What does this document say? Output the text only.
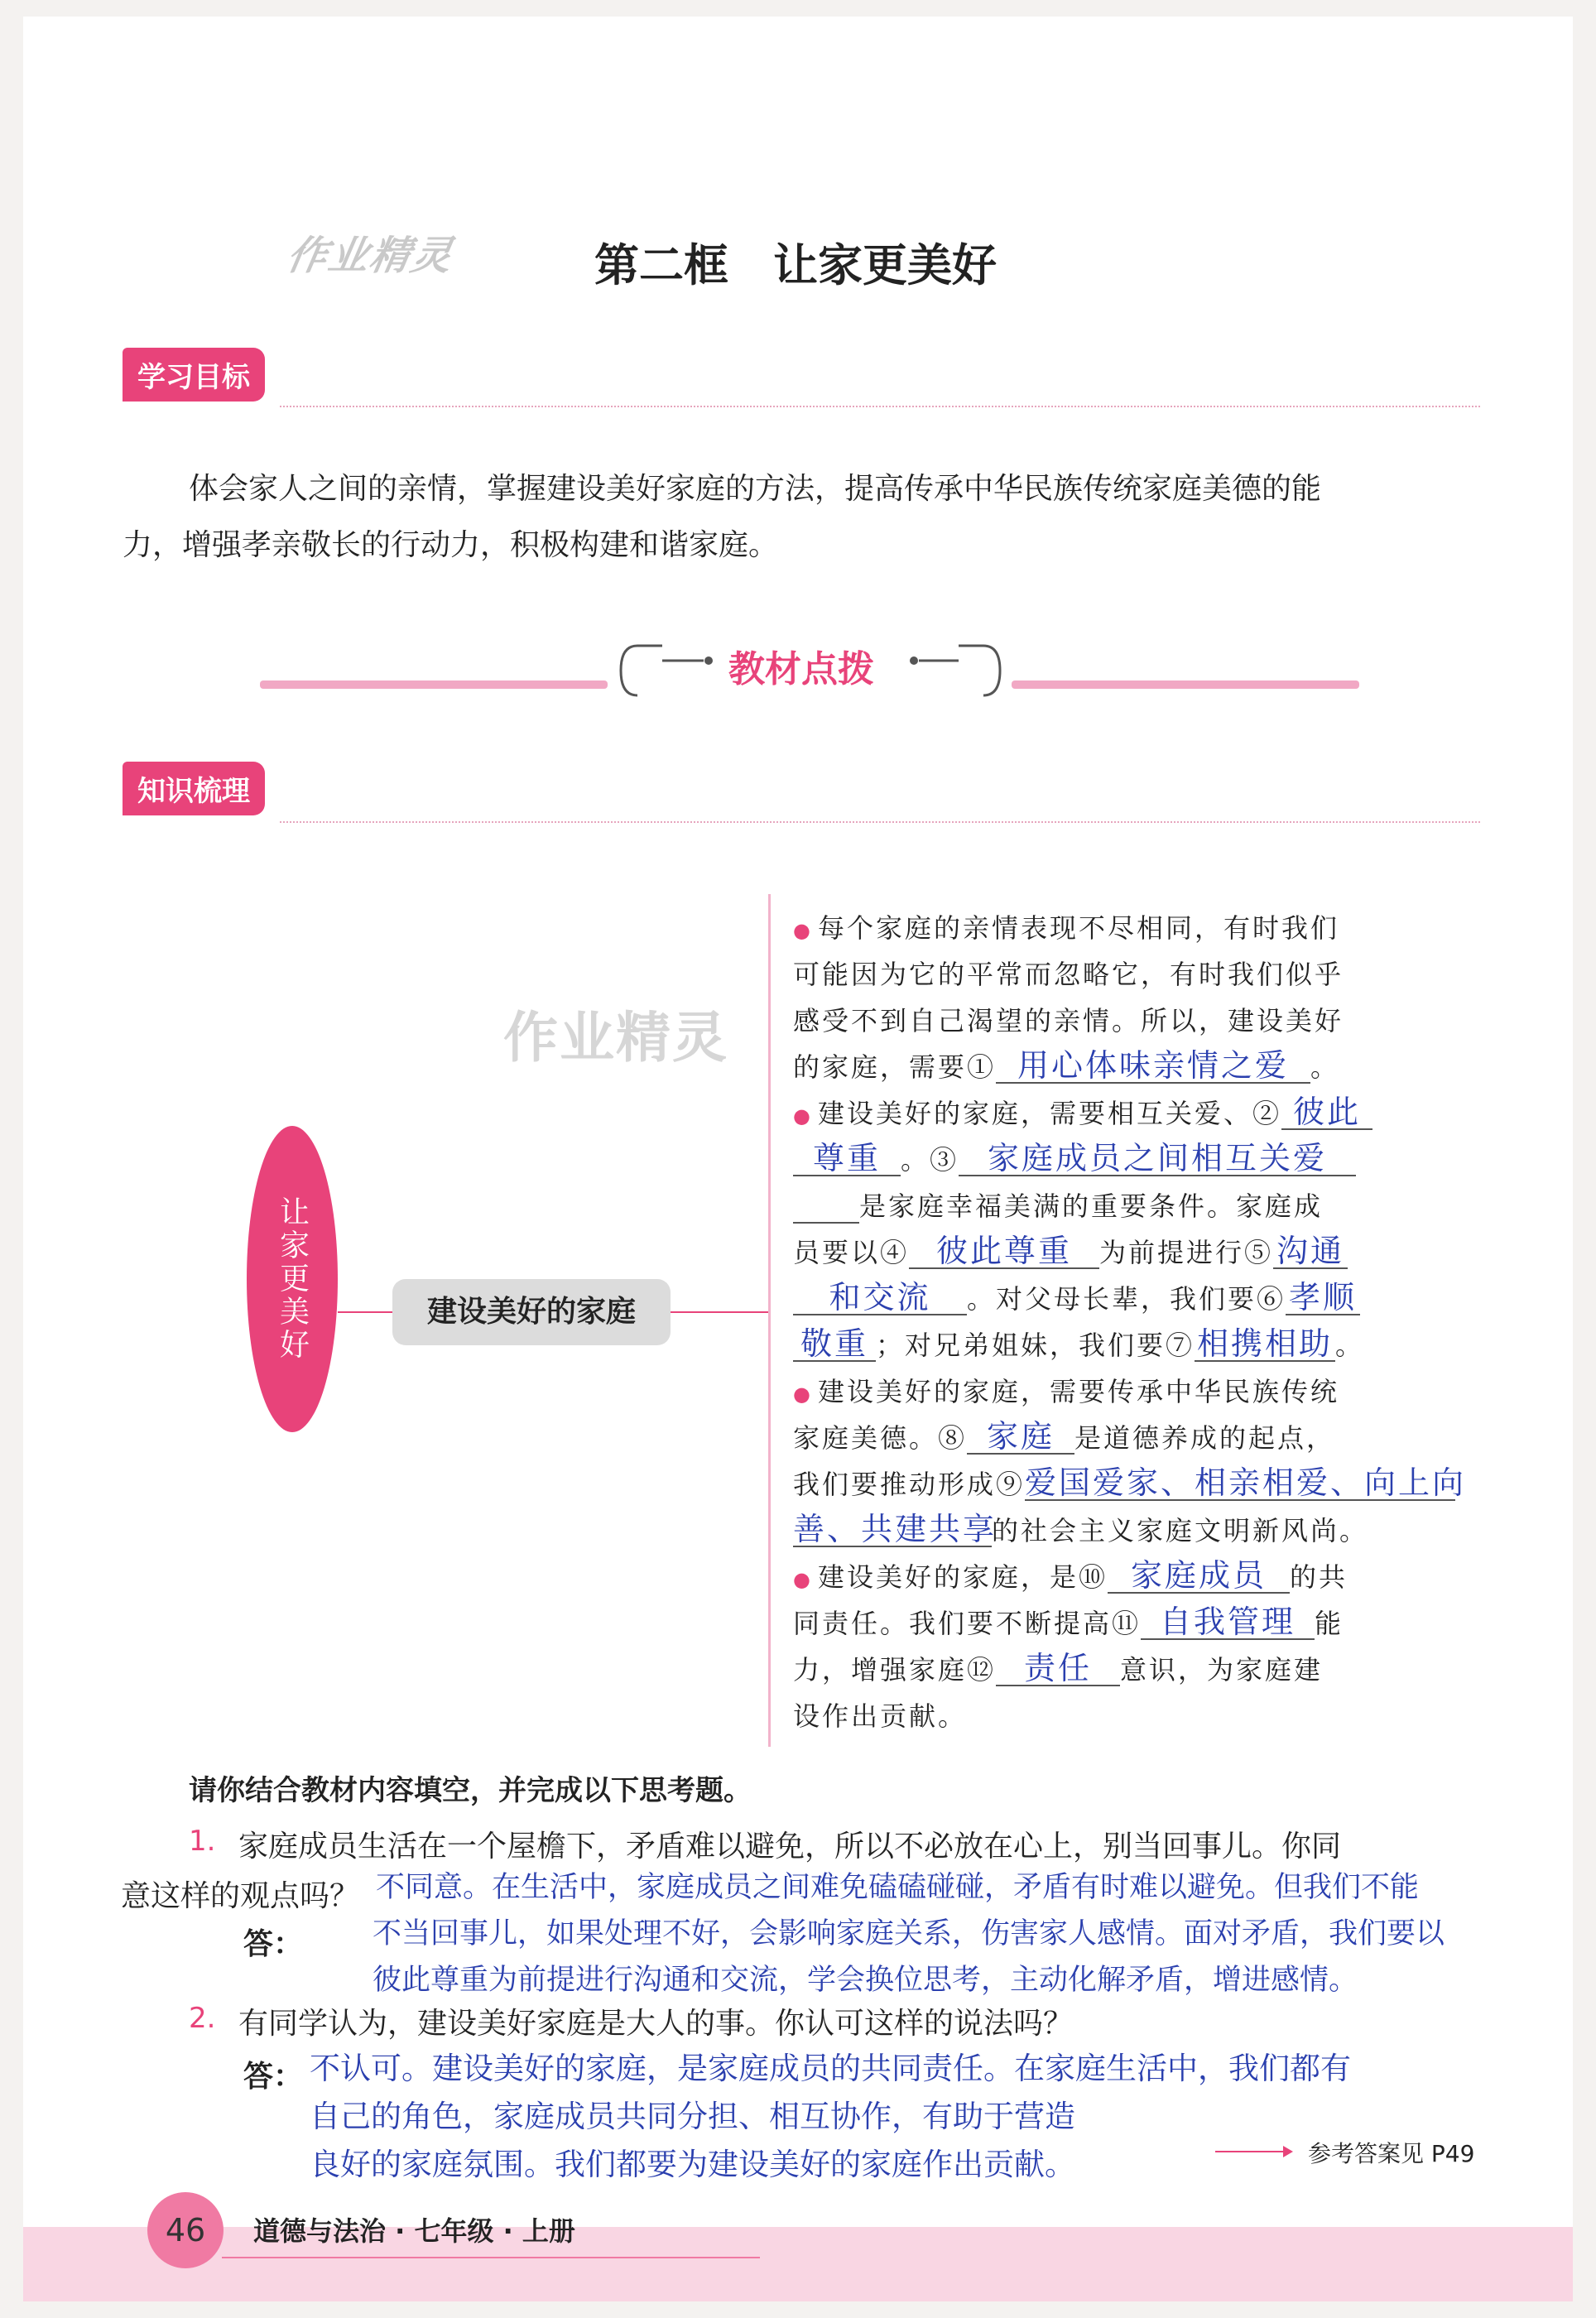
作业精灵	第二框　让家更美好
学习目标
体会家人之间的亲情，掌握建设美好家庭的方法，提高传承中华民族传统家庭美德的能
力，增强孝亲敬长的行动力，积极构建和谐家庭。
教材点拨
知识梳理
作业精灵
让家更美好	建设美好的家庭
● 每个家庭的亲情表现不尽相同，有时我们
可能因为它的平常而忽略它，有时我们似乎
感受不到自己渴望的亲情。所以，建设美好
的家庭，需要① 用心体味亲情之爱 。
● 建设美好的家庭，需要相互关爱、② 彼此
尊重 。③ 家庭成员之间相互关爱
是家庭幸福美满的重要条件。家庭成
员要以④ 彼此尊重 为前提进行⑤ 沟通
和交流 。对父母长辈，我们要⑥ 孝顺
敬重 ；对兄弟姐妹，我们要⑦相携相助。
● 建设美好的家庭，需要传承中华民族传统
家庭美德。⑧ 家庭 是道德养成的起点，
我们要推动形成⑨爱国爱家、相亲相爱、向上向
善、共建共享的社会主义家庭文明新风尚。
● 建设美好的家庭，是⑩ 家庭成员 的共
同责任。我们要不断提高⑪ 自我管理 能
力，增强家庭⑫ 责任 意识，为家庭建
设作出贡献。
请你结合教材内容填空，并完成以下思考题。
1. 家庭成员生活在一个屋檐下，矛盾难以避免，所以不必放在心上，别当回事儿。你同
意这样的观点吗？
答：
不同意。在生活中，家庭成员之间难免磕磕碰碰，矛盾有时难以避免。但我们不能
不当回事儿，如果处理不好，会影响家庭关系，伤害家人感情。面对矛盾，我们要以
彼此尊重为前提进行沟通和交流，学会换位思考，主动化解矛盾，增进感情。
2. 有同学认为，建设美好家庭是大人的事。你认可这样的说法吗？
答： 不认可。建设美好的家庭，是家庭成员的共同责任。在家庭生活中，我们都有
自己的角色，家庭成员共同分担、相互协作，有助于营造
良好的家庭氛围。我们都要为建设美好的家庭作出贡献。	参考答案见 P49
46	道德与法治 · 七年级 · 上册
